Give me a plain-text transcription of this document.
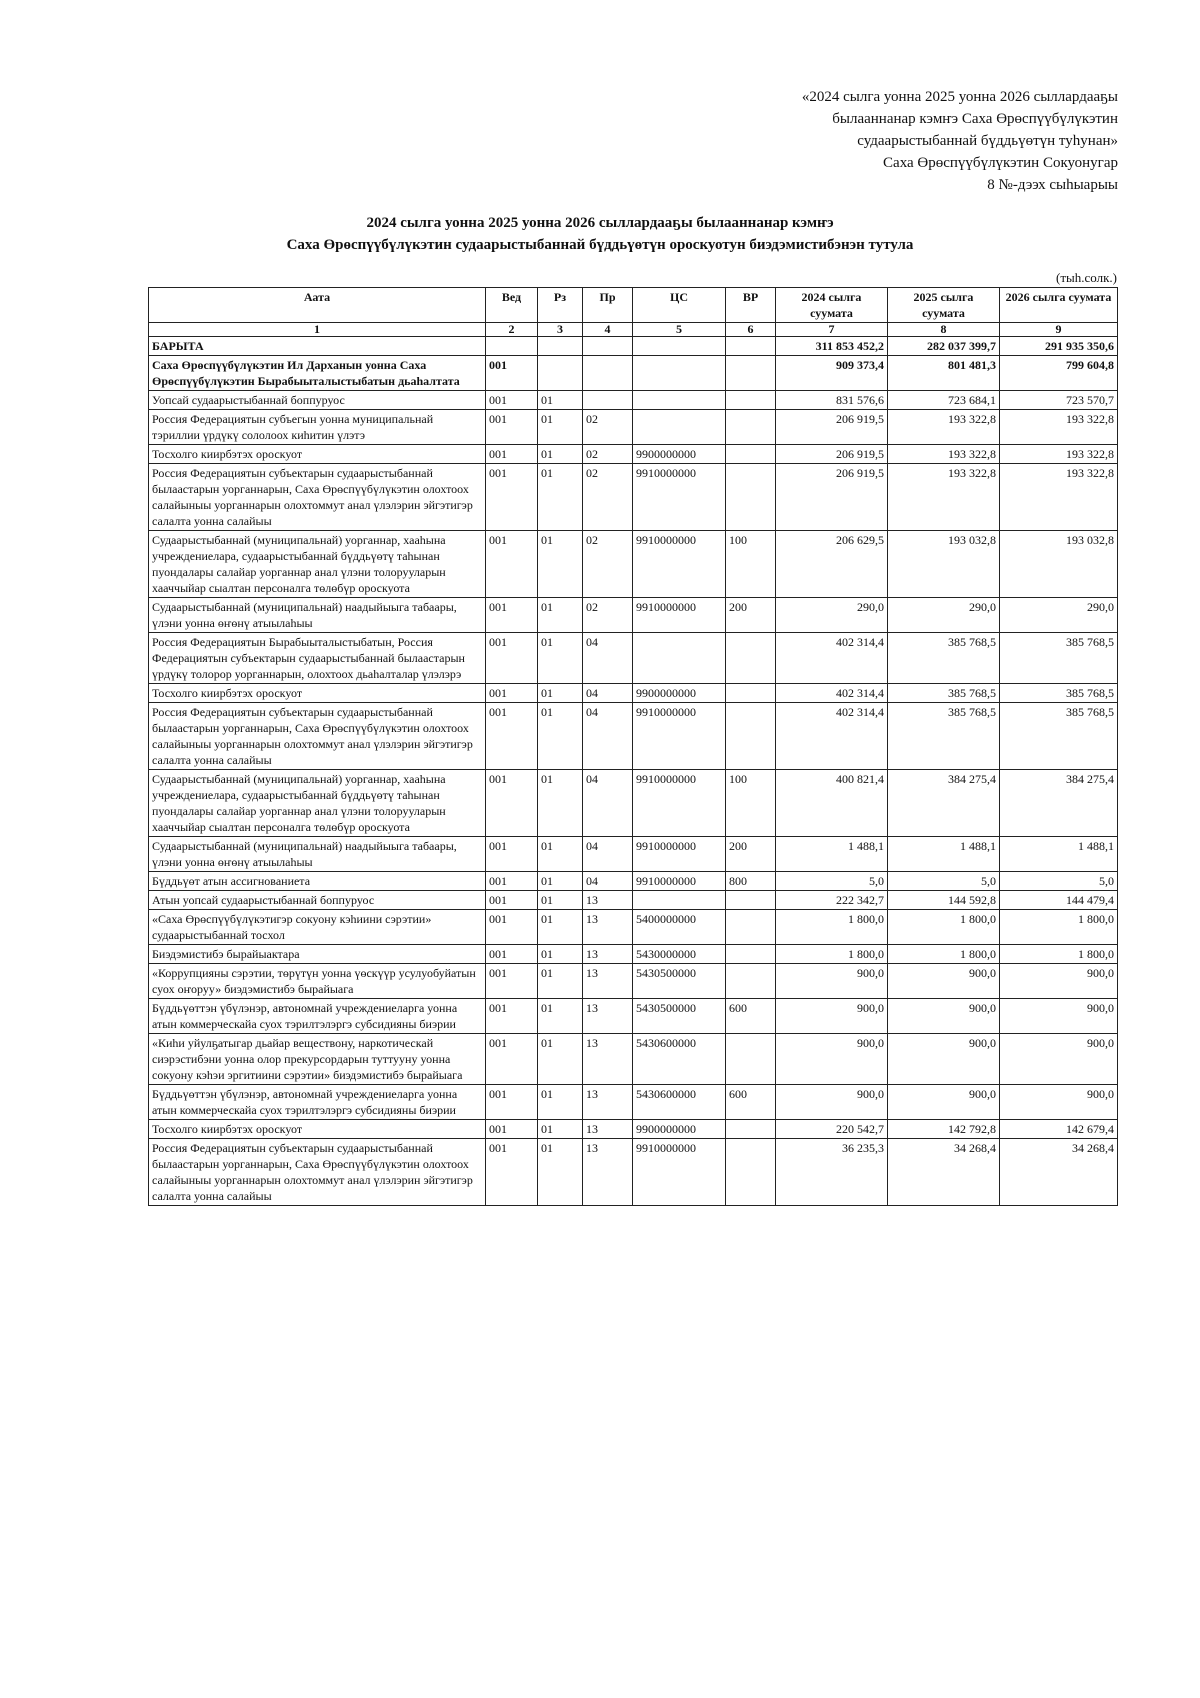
«2024 сылга уонна 2025 уонна 2026 сыллардааҕы
былааннанар кэмҥэ Саха Өрөспүүбүлүкэтин
судаарыстыбаннай бүддьүөтүн туһунан»
Саха Өрөспүүбүлүкэтин Сокуонугар
8 №-дээх сыһыарыы
2024 сылга уонна 2025 уонна 2026 сыллардааҕы былааннанар кэмҥэ
Саха Өрөспүүбүлүкэтин судаарыстыбаннай бүддьүөтүн ороскуотун биэдэмистибэнэн тутула
(тыһ.солк.)
Аата	Вед	Рз	Пр	ЦС	ВР	2024 сылга суумата	2025 сылга суумата	2026 сылга суумата
1	2	3	4	5	6	7	8	9
БАРЫТА						311 853 452,2	282 037 399,7	291 935 350,6
Саха Өрөспүүбүлүкэтин Ил Дарханын уонна Саха Өрөспүүбүлүкэтин Бырабыыталыстыбатын дьаһалтата	001					909 373,4	801 481,3	799 604,8
Уопсай судаарыстыбаннай боппуруос	001	01				831 576,6	723 684,1	723 570,7
Россия Федерациятын субъегын уонна муниципальнай тэриллии үрдүкү сололоох киһитин үлэтэ	001	01	02			206 919,5	193 322,8	193 322,8
Тосхолго киирбэтэх ороскуот	001	01	02	9900000000		206 919,5	193 322,8	193 322,8
Россия Федерациятын субъектарын судаарыстыбаннай былаастарын уорганнарын, Саха Өрөспүүбүлүкэтин олохтоох салайыныы уорганнарын олохтоммут анал үлэлэрин эйгэтигэр салалта уонна салайыы	001	01	02	9910000000		206 919,5	193 322,8	193 322,8
Судаарыстыбаннай (муниципальнай) уорганнар, хааһына учреждениелара, судаарыстыбаннай бүддьүөтү таһынан пуондалары салайар уорганнар анал үлэни толорууларын хааччыйар сыалтан персоналга төлөбүр ороскуота	001	01	02	9910000000	100	206 629,5	193 032,8	193 032,8
Судаарыстыбаннай (муниципальнай) наадыйыыга табаары, үлэни уонна өҥөнү атыылаһыы	001	01	02	9910000000	200	290,0	290,0	290,0
Россия Федерациятын Бырабыыталыстыбатын, Россия Федерациятын субъектарын судаарыстыбаннай былаастарын үрдүкү толорор уорганнарын, олохтоох дьаһалталар үлэлэрэ	001	01	04			402 314,4	385 768,5	385 768,5
Тосхолго киирбэтэх ороскуот	001	01	04	9900000000		402 314,4	385 768,5	385 768,5
Россия Федерациятын субъектарын судаарыстыбаннай былаастарын уорганнарын, Саха Өрөспүүбүлүкэтин олохтоох салайыныы уорганнарын олохтоммут анал үлэлэрин эйгэтигэр салалта уонна салайыы	001	01	04	9910000000		402 314,4	385 768,5	385 768,5
Судаарыстыбаннай (муниципальнай) уорганнар, хааһына учреждениелара, судаарыстыбаннай бүддьүөтү таһынан пуондалары салайар уорганнар анал үлэни толорууларын хааччыйар сыалтан персоналга төлөбүр ороскуота	001	01	04	9910000000	100	400 821,4	384 275,4	384 275,4
Судаарыстыбаннай (муниципальнай) наадыйыыга табаары, үлэни уонна өҥөнү атыылаһыы	001	01	04	9910000000	200	1 488,1	1 488,1	1 488,1
Бүддьүөт атын ассигнованиета	001	01	04	9910000000	800	5,0	5,0	5,0
Атын уопсай судаарыстыбаннай боппуруос	001	01	13			222 342,7	144 592,8	144 479,4
«Саха Өрөспүүбүлүкэтигэр сокуону кэһиини сэрэтии» судаарыстыбаннай тосхол	001	01	13	5400000000		1 800,0	1 800,0	1 800,0
Биэдэмистибэ бырайыактара	001	01	13	5430000000		1 800,0	1 800,0	1 800,0
«Коррупцияны сэрэтии, төрүтүн уонна үөскүүр усулуобуйатын суох оҥоруу» биэдэмистибэ бырайыага	001	01	13	5430500000		900,0	900,0	900,0
Бүддьүөттэн үбүлэнэр, автономнай учреждениеларга уонна атын коммерческайа суох тэрилтэлэргэ субсидияны биэрии	001	01	13	5430500000	600	900,0	900,0	900,0
«Киһи уйулҕатыгар дьайар веществону, наркотическай сиэрэстибэни уонна олор прекурсордарын туттууну уонна сокуону кэһэи эргитиини сэрэтии» биэдэмистибэ бырайыага	001	01	13	5430600000		900,0	900,0	900,0
Бүддьүөттэн үбүлэнэр, автономнай учреждениеларга уонна атын коммерческайа суох тэрилтэлэргэ субсидияны биэрии	001	01	13	5430600000	600	900,0	900,0	900,0
Тосхолго киирбэтэх ороскуот	001	01	13	9900000000		220 542,7	142 792,8	142 679,4
Россия Федерациятын субъектарын судаарыстыбаннай былаастарын уорганнарын, Саха Өрөспүүбүлүкэтин олохтоох салайыныы уорганнарын олохтоммут анал үлэлэрин эйгэтигэр салалта уонна салайыы	001	01	13	9910000000		36 235,3	34 268,4	34 268,4
